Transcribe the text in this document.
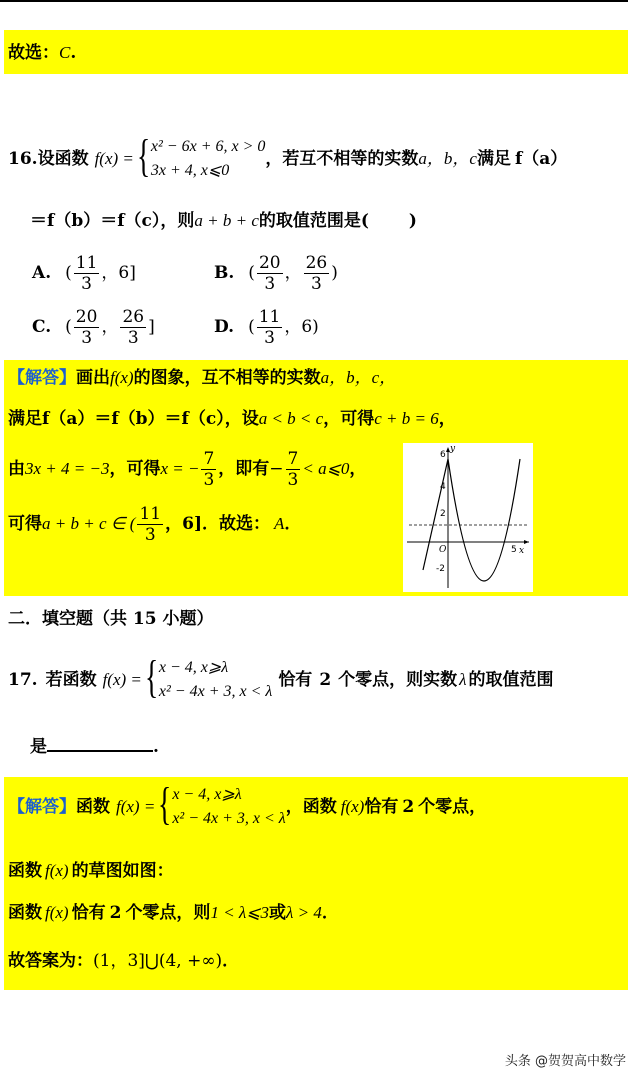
故选：C.
16. 设函数 f(x) = { x² − 6x + 6, x > 0
3x + 4, x⩽0
，若互不相等的实数 a，b，c 满足 f（a）
＝f（b）＝f（c），则a + b + c的取值范围是( )
A. ( $\frac{11}{3}$ ，6]	B. ( $\frac{20}{3}$ ， $\frac{26}{3}$ )
C. ( $\frac{20}{3}$ ， $\frac{26}{3}$ ]	D. ( $\frac{11}{3}$ ，6)
【解答】画出f(x)的图象，互不相等的实数a，b，c，
满足f（a）＝f（b）＝f（c），设a < b < c，可得c + b = 6，
由 3x + 4 = −3 ，可得 x = − $\frac{7}{3}$ ，即有 − $\frac{7}{3}$ < a⩽0 ，
可得 a + b + c ∈ ( $\frac{11}{3}$ ，6]．故选： A ．
6
4
2
-2
y
x
O	5
二．填空题（共 15 小题）
17. 若函数 f(x) = { x − 4, x⩾λ
x² − 4x + 3, x < λ
恰有 2 个零点，则实数 λ 的取值范围
是	.
【解答】 函数 f(x) = { x − 4, x⩾λ
x² − 4x + 3, x < λ
，函数 f(x) 恰有 2 个零点，
函数 f(x) 的草图如图：
函数 f(x) 恰有 2 个零点，则1 < λ⩽3或λ > 4．
故答案为：(1，3]⋃(4, +∞)．
头条 @贺贺高中数学
